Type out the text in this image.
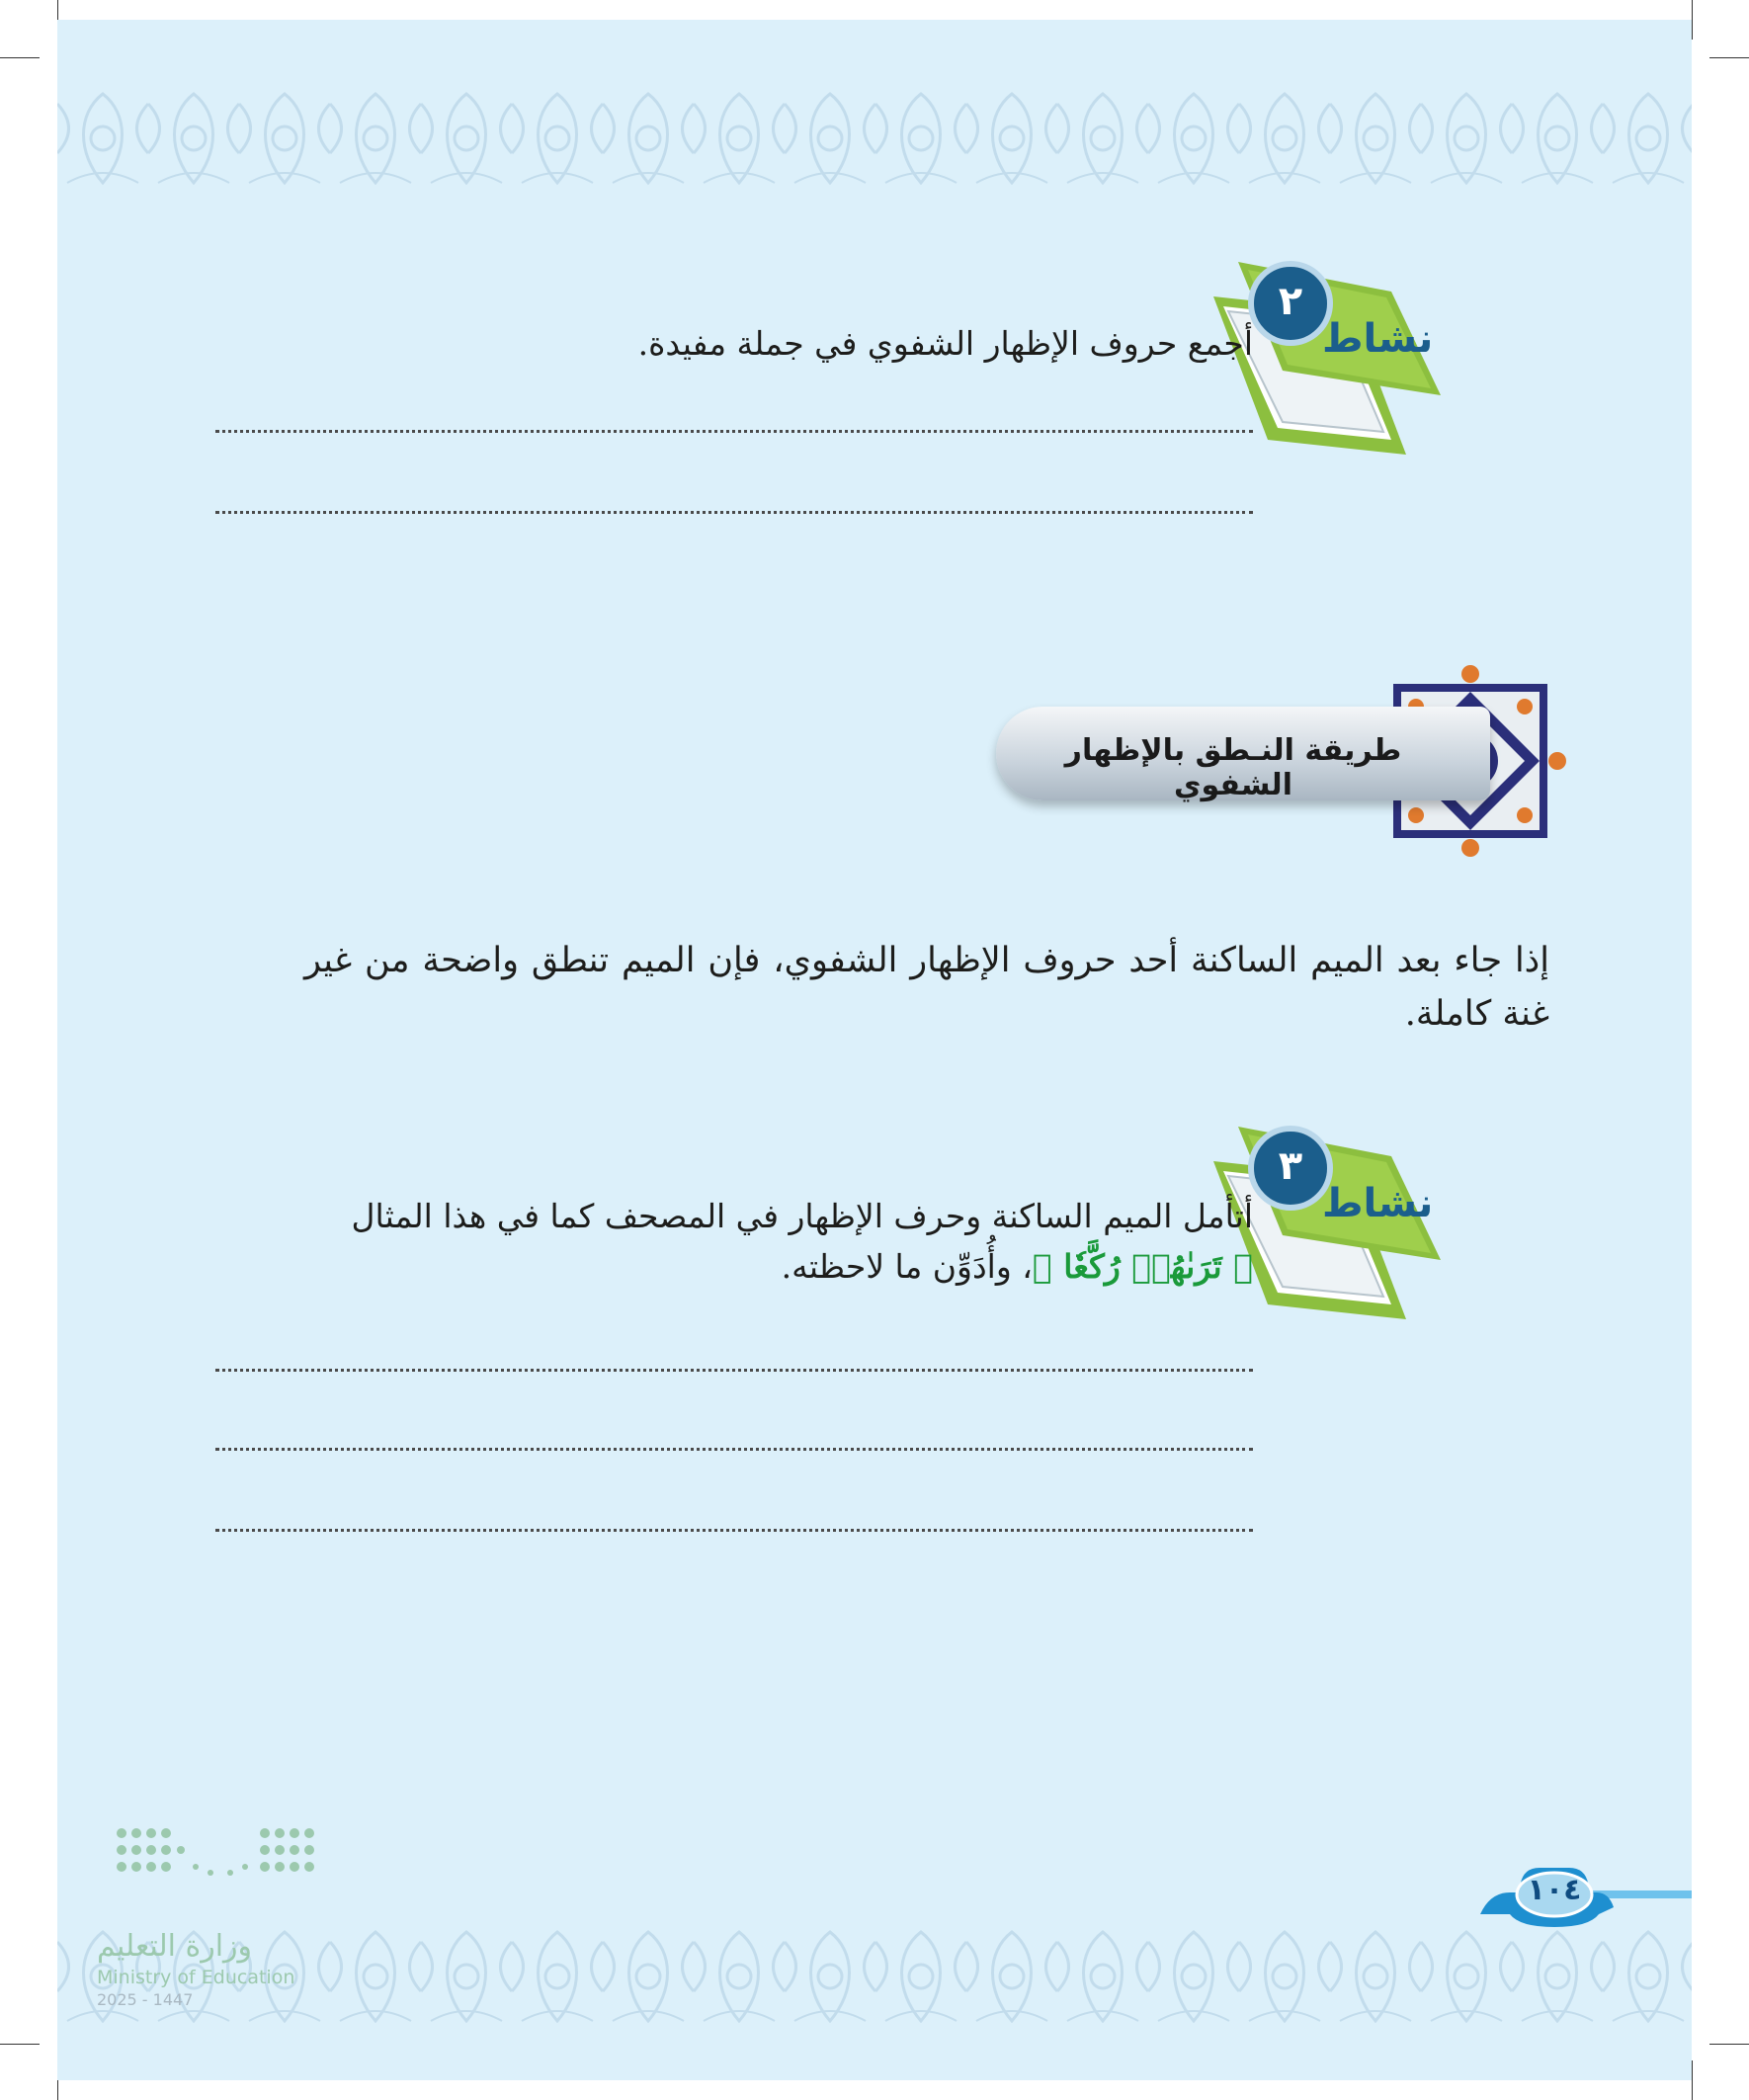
٢
نشاط
أجمع حروف الإظهار الشفوي في جملة مفيدة.
طريقة النـطق بالإظهار الشفوي
إذا جاء بعد الميم الساكنة أحد حروف الإظهار الشفوي، فإن الميم تنطق واضحة من غير غنة كاملة.
٣
نشاط
أتأمل الميم الساكنة وحرف الإظهار في المصحف كما في هذا المثال
﴿ تَرَىٰهُمۡ رُكَّعٗا ﴾، وأُدَوِّن ما لاحظته.
وزارة التعليم
Ministry of Education
2025 - 1447
١٠٤
